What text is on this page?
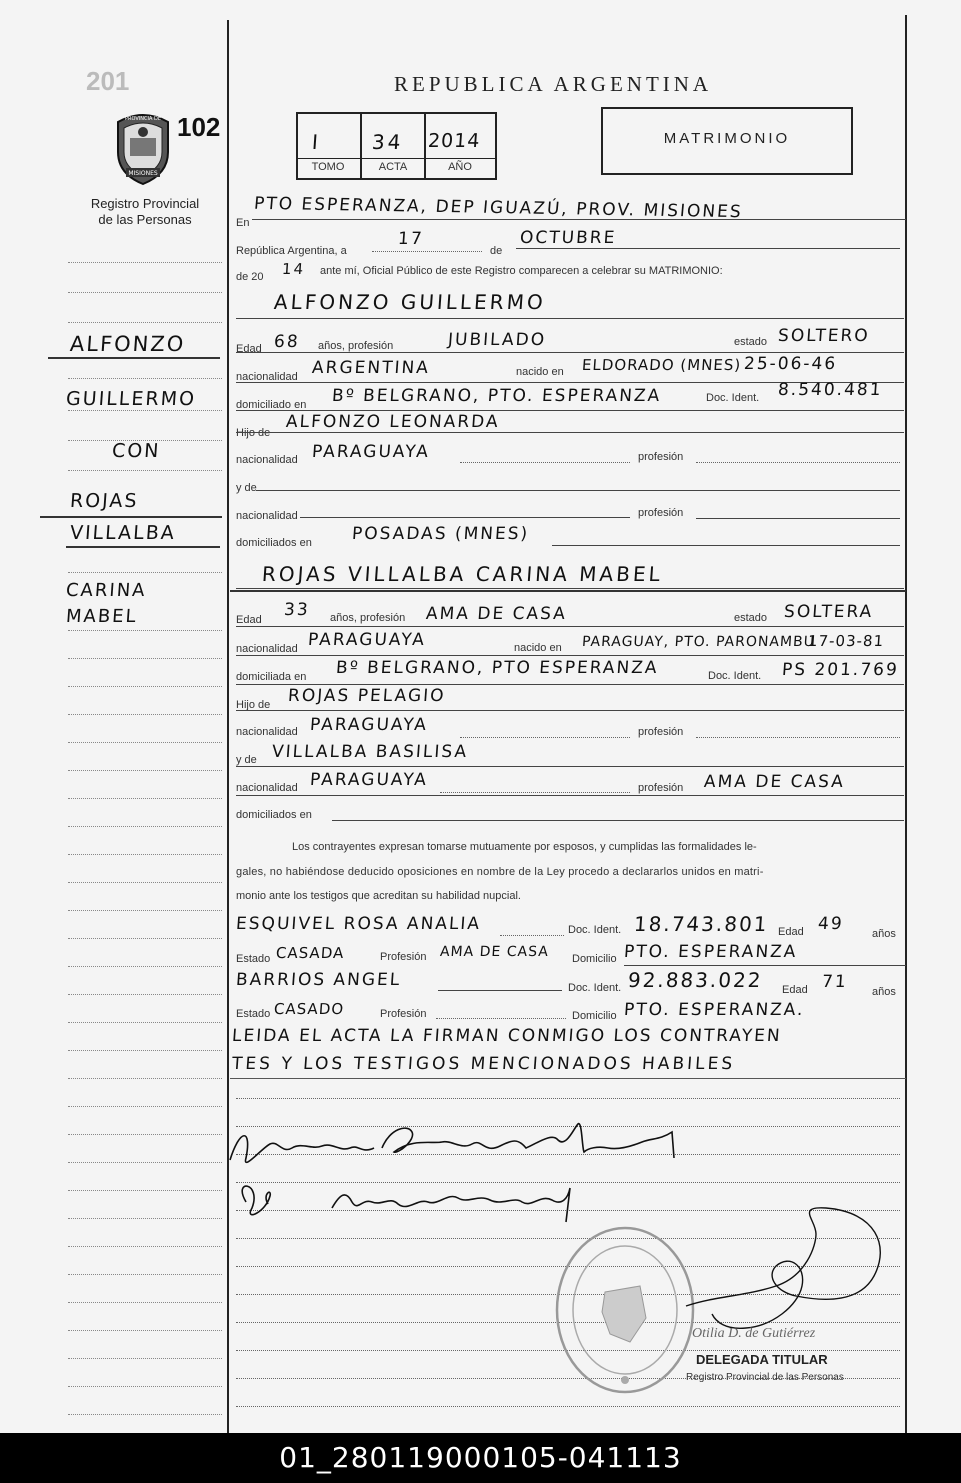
201
MISIONES
PROVINCIA DE 102
Registro Provincial
de las Personas
REPUBLICA ARGENTINA
I 34 2014
TOMO	ACTA	AÑO
MATRIMONIO
ALFONZO
GUILLERMO
CON
ROJAS
VILLALBA
CARINA
MABEL
En
PTO ESPERANZA, DEP IGUAZÚ, PROV. MISIONES
República Argentina, a
17
de
OCTUBRE
de 20 14 ante mí, Oficial Público de este Registro comparecen a celebrar su MATRIMONIO:
ALFONZO GUILLERMO
Edad 68 años, profesión	JUBILADO	estado SOLTERO
nacionalidad ARGENTINA	nacido en ELDORADO (MNES) 25-06-46
domiciliado en Bº BELGRANO, PTO. ESPERANZA	Doc. Ident. 8.540.481
Hijo de
ALFONZO LEONARDA
nacionalidad PARAGUAYA	profesión
y de
nacionalidad	profesión
domiciliados en POSADAS (MNES)
ROJAS VILLALBA CARINA MABEL
Edad 33 años, profesión AMA DE CASA	estado SOLTERA
nacionalidad PARAGUAYA	nacido en PARAGUAY, PTO. PARONAMBU
17-03-81
domiciliada en Bº BELGRANO, PTO ESPERANZA	Doc. Ident. PS 201.769
Hijo de ROJAS PELAGIO
nacionalidad PARAGUAYA	profesión
y de VILLALBA BASILISA
nacionalidad PARAGUAYA	profesión AMA DE CASA
domiciliados en
Los contrayentes expresan tomarse mutuamente por esposos, y cumplidas las formalidades le-
gales, no habiéndose deducido oposiciones en nombre de la Ley procedo a declararlos unidos en matri-
monio ante los testigos que acreditan su habilidad nupcial.
ESQUIVEL ROSA ANALIA	Doc. Ident. 18.743.801 Edad 49	años
Estado CASADA	Profesión AMA DE CASA Domicilio PTO. ESPERANZA
BARRIOS ANGEL	Doc. Ident. 92.883.022 Edad 71 años
Estado CASADO	Profesión	Domicilio PTO. ESPERANZA.
LEIDA EL ACTA LA FIRMAN CONMIGO LOS CONTRAYEN
TES Y LOS TESTIGOS MENCIONADOS HABILES
Otilia D. de Gutiérrez
DELEGADA TITULAR
Registro Provincial de las Personas
01_280119000105-041113
